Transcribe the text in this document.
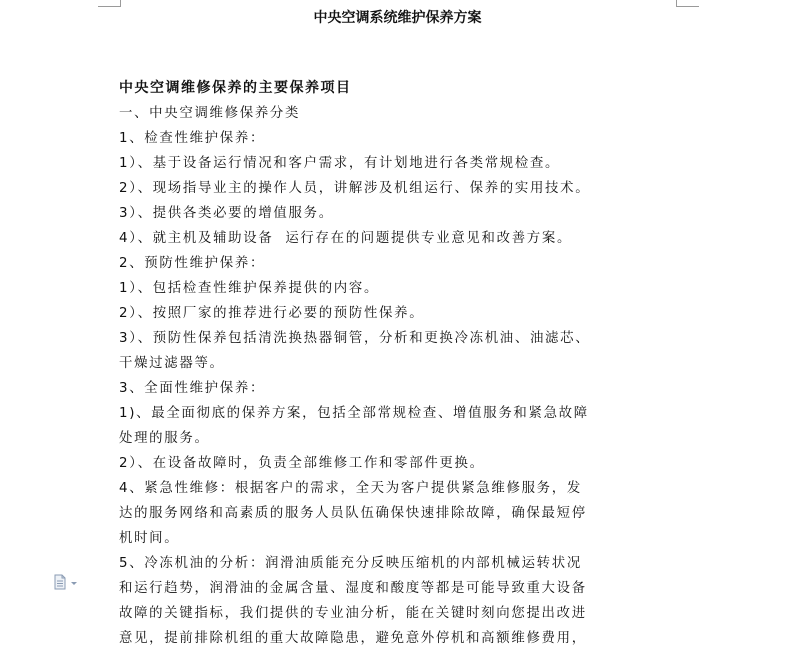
中央空调系统维护保养方案
中央空调维修保养的主要保养项目
一、中央空调维修保养分类
1、检查性维护保养：
1）、基于设备运行情况和客户需求，有计划地进行各类常规检查。
2）、现场指导业主的操作人员，讲解涉及机组运行、保养的实用技术。
3）、提供各类必要的增值服务。
4）、就主机及辅助设备  运行存在的问题提供专业意见和改善方案。
2、预防性维护保养：
1）、包括检查性维护保养提供的内容。
2）、按照厂家的推荐进行必要的预防性保养。
3）、预防性保养包括清洗换热器铜管，分析和更换冷冻机油、油滤芯、
干燥过滤器等。
3、全面性维护保养：
1)、最全面彻底的保养方案，包括全部常规检查、增值服务和紧急故障
处理的服务。
2）、在设备故障时，负责全部维修工作和零部件更换。
4、紧急性维修：根据客户的需求，全天为客户提供紧急维修服务，发
达的服务网络和高素质的服务人员队伍确保快速排除故障，确保最短停
机时间。
5、冷冻机油的分析：润滑油质能充分反映压缩机的内部机械运转状况
和运行趋势，润滑油的金属含量、湿度和酸度等都是可能导致重大设备
故障的关键指标，我们提供的专业油分析，能在关键时刻向您提出改进
意见，提前排除机组的重大故障隐患，避免意外停机和高额维修费用，
